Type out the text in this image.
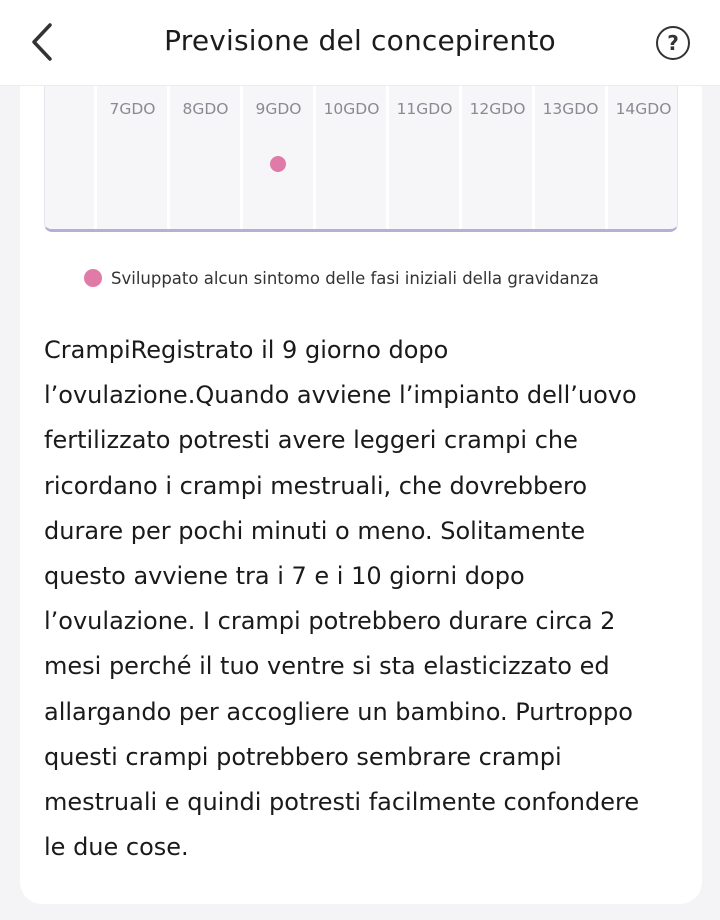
Previsione del concepirento	?
7GDO	8GDO	9GDO	10GDO	11GDO	12GDO	13GDO	14GDO
Sviluppato alcun sintomo delle fasi iniziali della gravidanza
CrampiRegistrato il 9 giorno dopo
l’ovulazione.Quando avviene l’impianto dell’uovo
fertilizzato potresti avere leggeri crampi che
ricordano i crampi mestruali, che dovrebbero
durare per pochi minuti o meno. Solitamente
questo avviene tra i 7 e i 10 giorni dopo
l’ovulazione. I crampi potrebbero durare circa 2
mesi perché il tuo ventre si sta elasticizzato ed
allargando per accogliere un bambino. Purtroppo
questi crampi potrebbero sembrare crampi
mestruali e quindi potresti facilmente confondere
le due cose.
